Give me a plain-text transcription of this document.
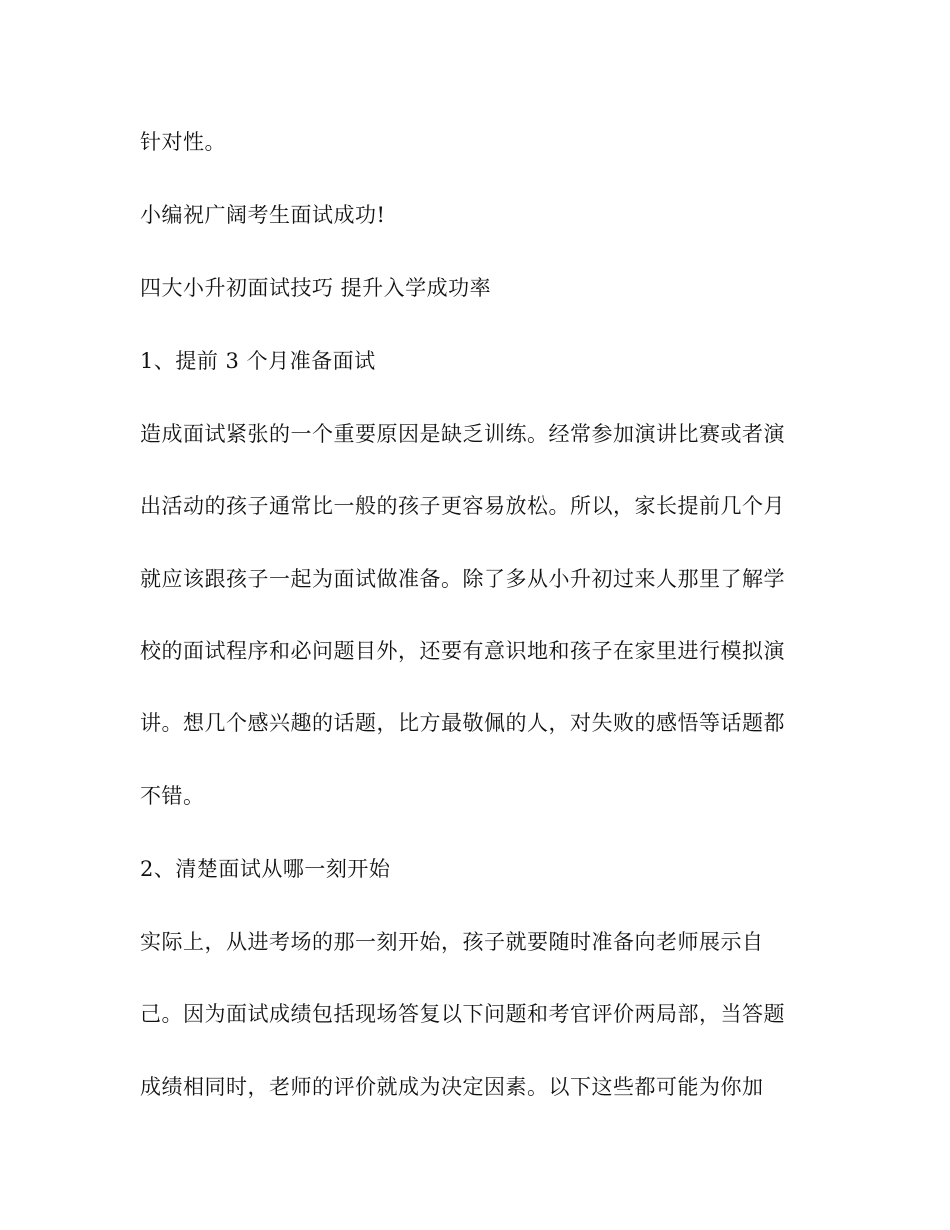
针对性。
小编祝广阔考生面试成功!
四大小升初面试技巧 提升入学成功率
1、提前 3 个月准备面试
造成面试紧张的一个重要原因是缺乏训练。经常参加演讲比赛或者演
出活动的孩子通常比一般的孩子更容易放松。所以，家长提前几个月
就应该跟孩子一起为面试做准备。除了多从小升初过来人那里了解学
校的面试程序和必问题目外，还要有意识地和孩子在家里进行模拟演
讲。想几个感兴趣的话题，比方最敬佩的人，对失败的感悟等话题都
不错。
2、清楚面试从哪一刻开始
实际上，从进考场的那一刻开始，孩子就要随时准备向老师展示自
己。因为面试成绩包括现场答复以下问题和考官评价两局部，当答题
成绩相同时，老师的评价就成为决定因素。以下这些都可能为你加
